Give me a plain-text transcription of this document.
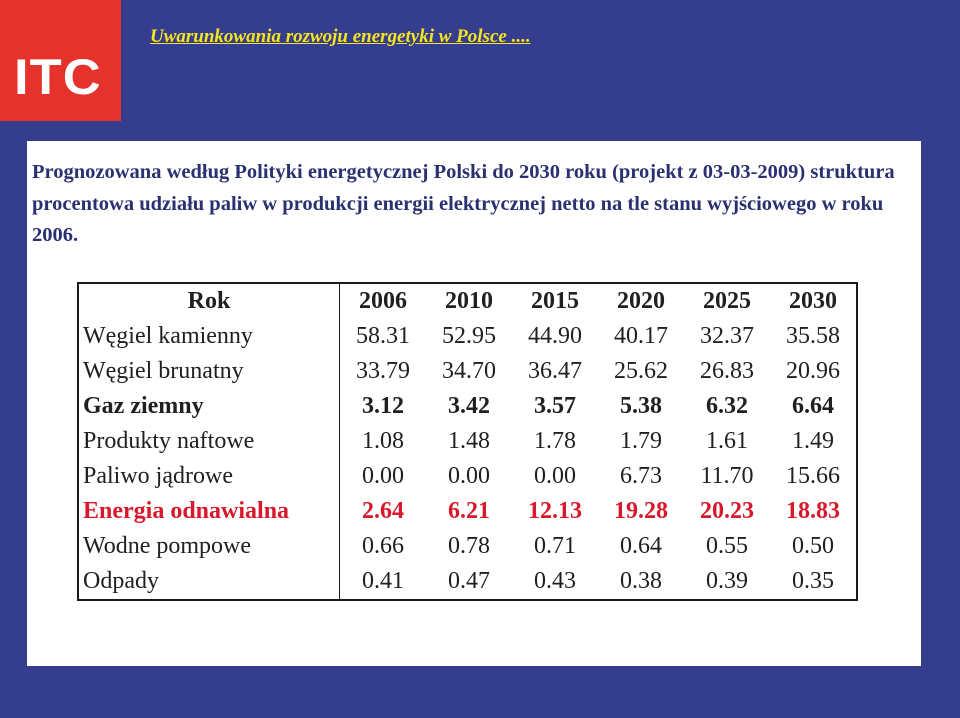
ITC
Uwarunkowania rozwoju energetyki w Polsce ....

Prognozowana według Polityki energetycznej Polski do 2030 roku (projekt z 03-03-2009) struktura procentowa udziału paliw w produkcji energii elektrycznej netto na tle stanu wyjściowego w roku 2006.

Rok	2006	2010	2015	2020	2025	2030
Węgiel kamienny	58.31	52.95	44.90	40.17	32.37	35.58
Węgiel brunatny	33.79	34.70	36.47	25.62	26.83	20.96
Gaz ziemny	3.12	3.42	3.57	5.38	6.32	6.64
Produkty naftowe	1.08	1.48	1.78	1.79	1.61	1.49
Paliwo jądrowe	0.00	0.00	0.00	6.73	11.70	15.66
Energia odnawialna	2.64	6.21	12.13	19.28	20.23	18.83
Wodne pompowe	0.66	0.78	0.71	0.64	0.55	0.50
Odpady	0.41	0.47	0.43	0.38	0.39	0.35
